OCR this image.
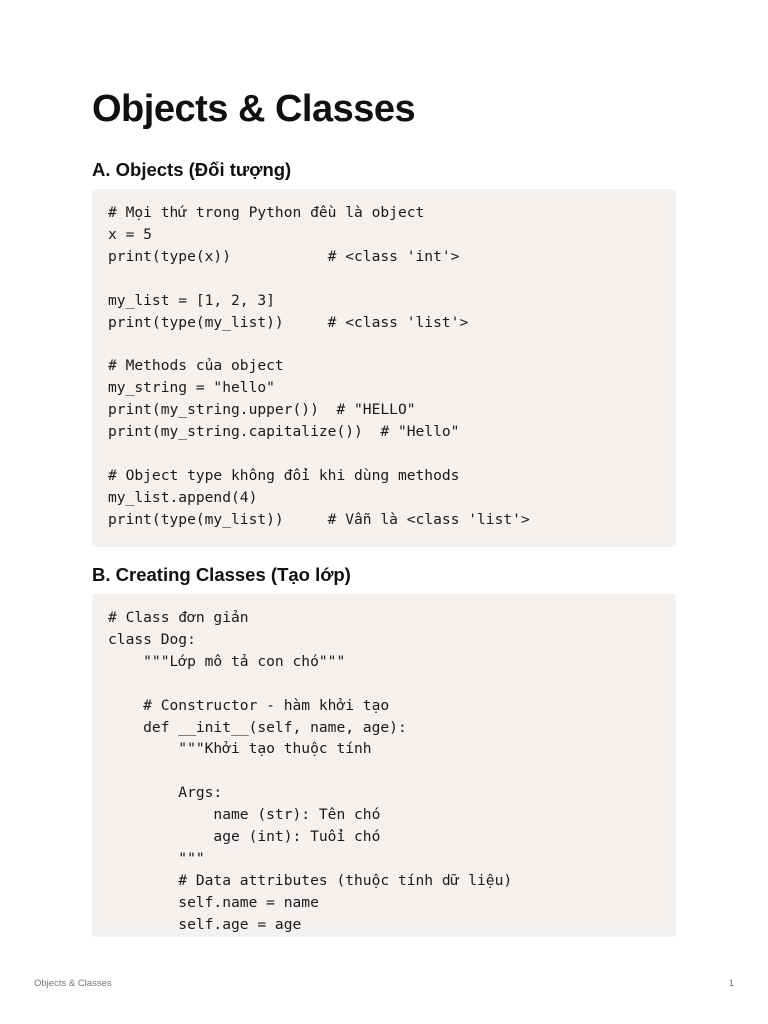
Objects & Classes
A. Objects (Đối tượng)
# Mọi thứ trong Python đều là object
x = 5
print(type(x))           # <class 'int'>

my_list = [1, 2, 3]
print(type(my_list))     # <class 'list'>

# Methods của object
my_string = "hello"
print(my_string.upper())  # "HELLO"
print(my_string.capitalize())  # "Hello"

# Object type không đổi khi dùng methods
my_list.append(4)
print(type(my_list))     # Vẫn là <class 'list'>
B. Creating Classes (Tạo lớp)
# Class đơn giản
class Dog:
"""Lớp mô tả con chó"""

# Constructor - hàm khởi tạo
def __init__(self, name, age):
"""Khởi tạo thuộc tính

Args:
name (str): Tên chó
age (int): Tuổi chó
"""
# Data attributes (thuộc tính dữ liệu)
self.name = name
self.age = age
Objects & Classes	1
